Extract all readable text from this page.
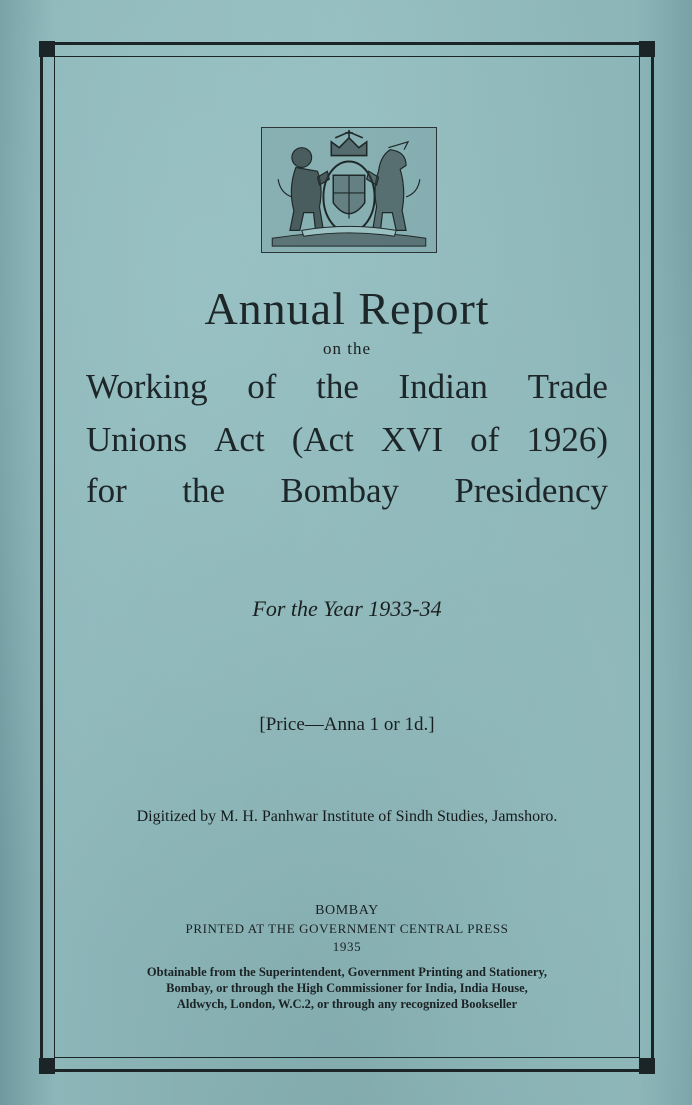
Annual Report
on the
Working of the Indian Trade
Unions Act (Act XVI of 1926)
for the Bombay Presidency
For the Year 1933-34
[Price—Anna 1 or 1d.]
Digitized by M. H. Panhwar Institute of Sindh Studies, Jamshoro.
BOMBAY
PRINTED AT THE GOVERNMENT CENTRAL PRESS
1935
Obtainable from the Superintendent, Government Printing and Stationery,
Bombay, or through the High Commissioner for India, India House,
Aldwych, London, W.C.2, or through any recognized Bookseller
